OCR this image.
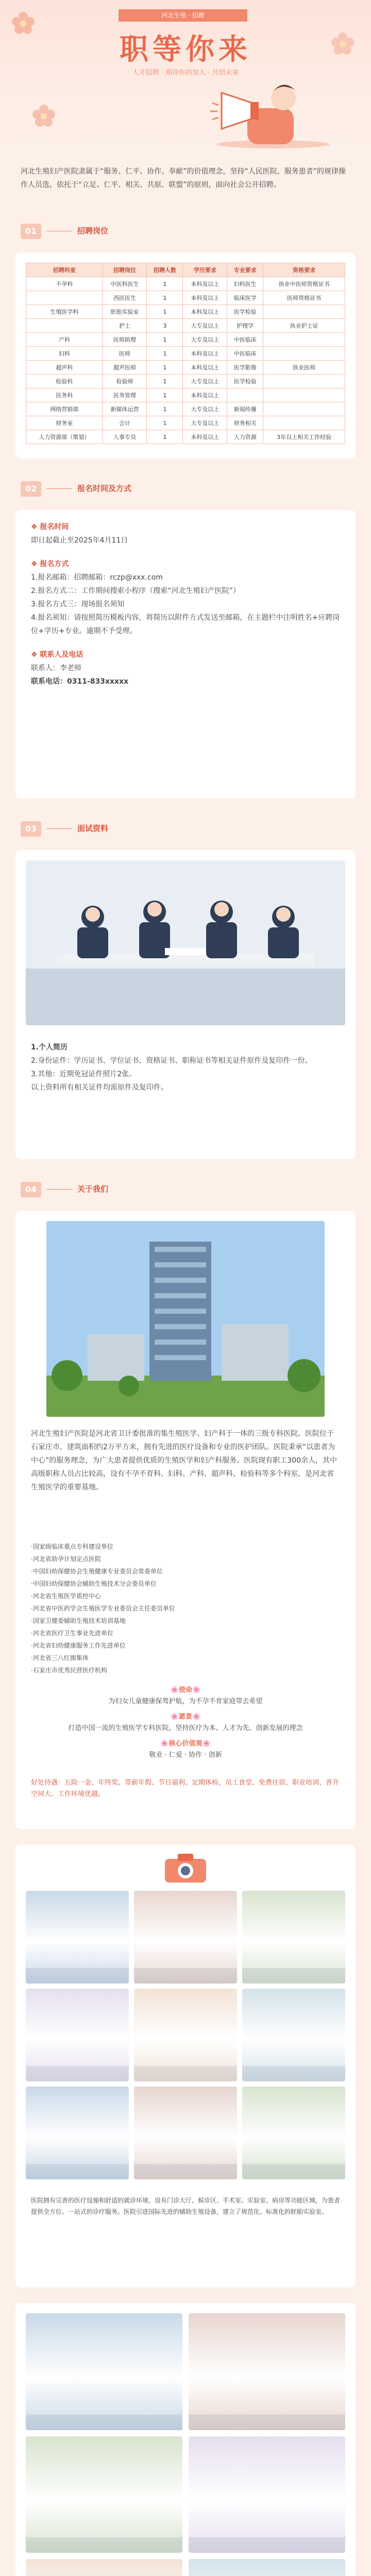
河北生殖 · 招聘
职等你来
人才招聘 · 期待你的加入 · 共创未来
河北生殖妇产医院隶属于“服务、仁平、协作、奉献”的价值理念，坚持“人民医院、服务患者”的规律操作人员选，依托于“立足、仁平、相关、共原、联盟”的原则，面向社会公开招聘。
01	招聘岗位
招聘科室	招聘岗位	招聘人数	学历要求	专业要求	资格要求
不孕科	中医科医生	1	本科及以上	妇科医生	执业中医师资格证书
	西医医生	1	本科及以上	临床医学	医师资格证书
生殖医学科	胚胎实验室	1	本科及以上	医学检验	
	护士	3	大专及以上	护理学	执业护士证
产科	医师助理	1	大专及以上	中医临床	
妇科	医师	1	本科及以上	中医临床	
超声科	超声医师	1	本科及以上	医学影像	执业医师
检验科	检验师	1	大专及以上	医学检验	
医务科	医务管理	1	本科及以上		
网络营销部	新媒体运营	1	大专及以上	新闻传播	
财务室	会计	1	大专及以上	财务相关	
人力资源部（策划）	人事专员	1	本科及以上	人力资源	3年以上相关工作经验
02	报名时间及方式
❖ 报名时间
即日起截止至2025年4月11日
❖ 报名方式
1.报名邮箱：招聘邮箱：rczp@xxx.com
2.报名方式二：工作期间搜索小程序（搜索“河北生殖妇产医院”）
3.报名方式三：现场报名须知
4.报名须知：请按照简历模板内容，将简历以附件方式发送至邮箱，在主题栏中注明姓名+应聘岗位+学历+专业。逾期不予受理。
❖ 联系人及电话
联系人：李老师
联系电话：0311-833xxxxx
03	面试资料
1.个人简历
2.身份证件：学历证书、学位证书、资格证书、职称证书等相关证件原件及复印件一份。
3.其他：近期免冠证件照片2张。
以上资料所有相关证件均需原件及复印件。
04	关于我们
河北生殖妇产医院是河北省卫计委批准的集生殖医学、妇产科于一体的三级专科医院。医院位于石家庄市，建筑面积约2万平方米，拥有先进的医疗设备和专业的医护团队。医院秉承“以患者为中心”的服务理念，为广大患者提供优质的生殖医学和妇产科服务。医院现有职工300余人，其中高级职称人员占比较高，设有不孕不育科、妇科、产科、超声科、检验科等多个科室，是河北省生殖医学的重要基地。
·国家级临床重点专科建设单位
·河北省助孕计划定点医院
·中国妇幼保健协会生殖健康专业委员会常委单位
·中国妇幼保健协会辅助生殖技术分会委员单位
·河北省生殖医学质控中心
·河北省中医药学会生殖医学专业委员会主任委员单位
·国家卫健委辅助生殖技术培训基地
·河北省医疗卫生事业先进单位
·河北省妇幼健康服务工作先进单位
·河北省三八红旗集体
·石家庄市优秀民营医疗机构
🌸使命🌸
为妇女儿童健康保驾护航，为不孕不育家庭带去希望
🌸愿景🌸
打造中国一流的生殖医学专科医院，坚持医疗为本、人才为先、创新发展的理念
🌸核心价值观🌸
敬业 · 仁爱 · 协作 · 创新
好处待遇：五险一金、年终奖、带薪年假、节日福利、定期体检、员工食堂、免费住宿、职业培训、晋升空间大、工作环境优越。
医院拥有完善的医疗设施和舒适的就诊环境，设有门诊大厅、候诊区、手术室、实验室、病房等功能区域，为患者提供全方位、一站式的诊疗服务。医院引进国际先进的辅助生殖设备，建立了规范化、标准化的胚胎实验室。
